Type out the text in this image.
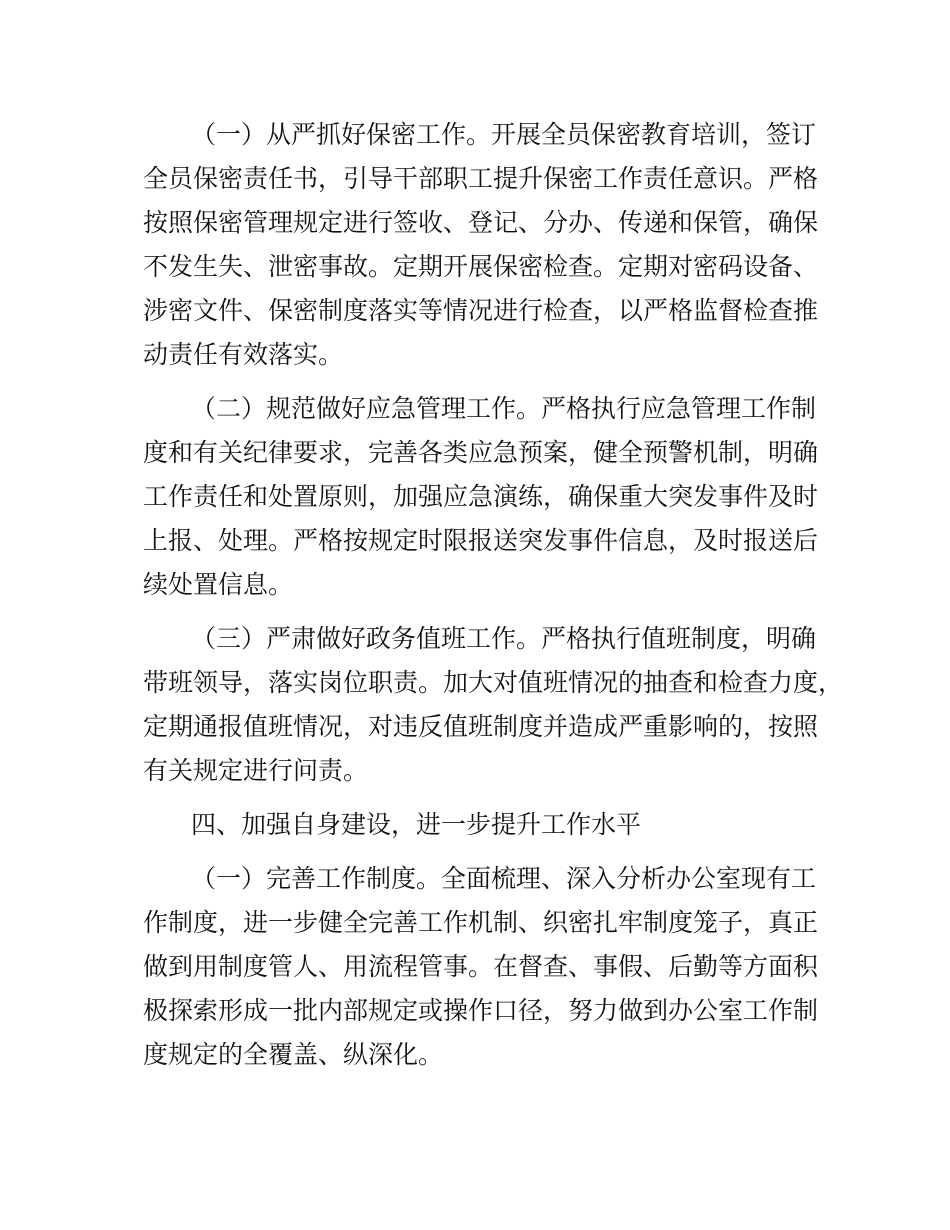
（一）从严抓好保密工作。开展全员保密教育培训，签订
全员保密责任书，引导干部职工提升保密工作责任意识。严格
按照保密管理规定进行签收、登记、分办、传递和保管，确保
不发生失、泄密事故。定期开展保密检查。定期对密码设备、
涉密文件、保密制度落实等情况进行检查，以严格监督检查推
动责任有效落实。
（二）规范做好应急管理工作。严格执行应急管理工作制
度和有关纪律要求，完善各类应急预案，健全预警机制，明确
工作责任和处置原则，加强应急演练，确保重大突发事件及时
上报、处理。严格按规定时限报送突发事件信息，及时报送后
续处置信息。
（三）严肃做好政务值班工作。严格执行值班制度，明确
带班领导，落实岗位职责。加大对值班情况的抽查和检查力度，
定期通报值班情况，对违反值班制度并造成严重影响的，按照
有关规定进行问责。
四、加强自身建设，进一步提升工作水平
（一）完善工作制度。全面梳理、深入分析办公室现有工
作制度，进一步健全完善工作机制、织密扎牢制度笼子，真正
做到用制度管人、用流程管事。在督查、事假、后勤等方面积
极探索形成一批内部规定或操作口径，努力做到办公室工作制
度规定的全覆盖、纵深化。
